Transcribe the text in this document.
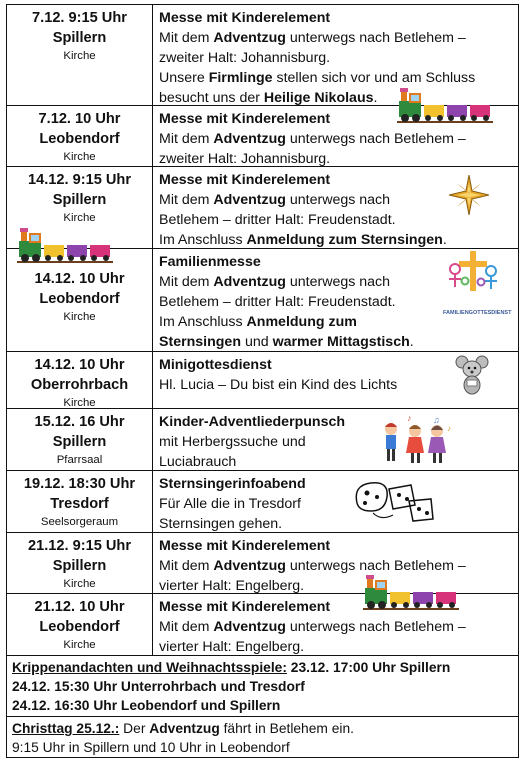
7.12. 9:15 Uhr
Spillern
Kirche
Messe mit Kinderelement
Mit dem Adventzug unterwegs nach Betlehem –
zweiter Halt: Johannisburg.
Unsere Firmlinge stellen sich vor und am Schluss
besucht uns der Heilige Nikolaus.
7.12. 10 Uhr
Leobendorf
Kirche
Messe mit Kinderelement
Mit dem Adventzug unterwegs nach Betlehem –
zweiter Halt: Johannisburg.
14.12. 9:15 Uhr
Spillern
Kirche
Messe mit Kinderelement
Mit dem Adventzug unterwegs nach
Betlehem – dritter Halt: Freudenstadt.
Im Anschluss Anmeldung zum Sternsingen.
14.12. 10 Uhr
Leobendorf
Kirche
Familienmesse
Mit dem Adventzug unterwegs nach
Betlehem – dritter Halt: Freudenstadt.
Im Anschluss Anmeldung zum
Sternsingen und warmer Mittagstisch.
FAMILIENGOTTESDIENST
14.12. 10 Uhr
Oberrohrbach
Kirche
Minigottesdienst
Hl. Lucia – Du bist ein Kind des Lichts
15.12. 16 Uhr
Spillern
Pfarrsaal
Kinder-Adventliederpunsch
mit Herbergssuche und
Luciabrauch
♪ ♫
♪
19.12. 18:30 Uhr
Tresdorf
Seelsorgeraum
Sternsingerinfoabend
Für Alle die in Tresdorf
Sternsingen gehen.
21.12. 9:15 Uhr
Spillern
Kirche
Messe mit Kinderelement
Mit dem Adventzug unterwegs nach Betlehem –
vierter Halt: Engelberg.
21.12. 10 Uhr
Leobendorf
Kirche
Messe mit Kinderelement
Mit dem Adventzug unterwegs nach Betlehem –
vierter Halt: Engelberg.
Krippenandachten und Weihnachtsspiele: 23.12. 17:00 Uhr Spillern
24.12. 15:30 Uhr Unterrohrbach und Tresdorf
24.12. 16:30 Uhr Leobendorf und Spillern
Christtag 25.12.: Der Adventzug fährt in Betlehem ein.
9:15 Uhr in Spillern und 10 Uhr in Leobendorf
